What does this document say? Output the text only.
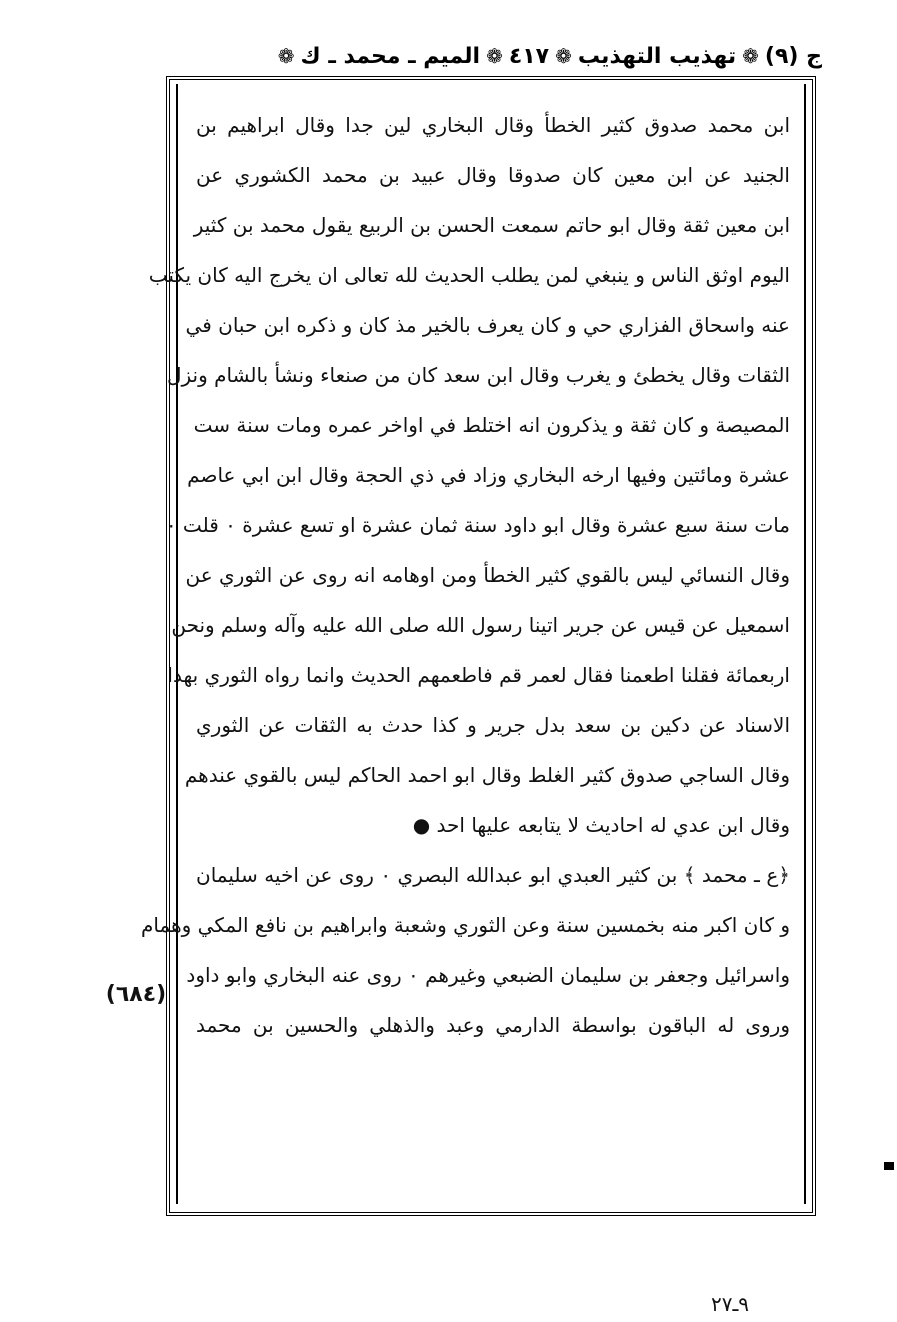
ج (٩)
❁
تهذيب التهذيب
❁
٤١٧
❁
الميم ـ محمد ـ ك
❁
ابن محمد صدوق كثير الخطأ وقال البخاري لين جدا وقال ابراهيم بن
الجنيد عن ابن معين كان صدوقا وقال عبيد بن محمد الكشوري عن
ابن معين ثقة وقال ابو حاتم سمعت الحسن بن الربيع يقول محمد بن كثير
اليوم اوثق الناس و ينبغي لمن يطلب الحديث لله تعالى ان يخرج اليه كان يكتب
عنه واسحاق الفزاري حي و كان يعرف بالخير مذ كان و ذكره ابن حبان في
الثقات وقال يخطئ و يغرب وقال ابن سعد كان من صنعاء ونشأ بالشام ونزل
المصيصة و كان ثقة و يذكرون انه اختلط في اواخر عمره ومات سنة ست
عشرة ومائتين وفيها ارخه البخاري وزاد في ذي الحجة وقال ابن ابي عاصم
مات سنة سبع عشرة وقال ابو داود سنة ثمان عشرة او تسع عشرة ٠ قلت ٠
وقال النسائي ليس بالقوي كثير الخطأ ومن اوهامه انه روى عن الثوري عن
اسمعيل عن قيس عن جرير اتينا رسول الله صلى الله عليه وآله وسلم ونحن
اربعمائة فقلنا اطعمنا فقال لعمر قم فاطعمهم الحديث وانما رواه الثوري بهذا
الاسناد عن دكين بن سعد بدل جرير و كذا حدث به الثقات عن الثوري
وقال الساجي صدوق كثير الغلط وقال ابو احمد الحاكم ليس بالقوي عندهم
وقال ابن عدي له احاديث لا يتابعه عليها احد ●
﴿ع ـ محمد ﴾ بن كثير العبدي ابو عبدالله البصري ٠ روى عن اخيه سليمان
و كان اكبر منه بخمسين سنة وعن الثوري وشعبة وابراهيم بن نافع المكي وهمام
واسرائيل وجعفر بن سليمان الضبعي وغيرهم ٠ روى عنه البخاري وابو داود
وروى له الباقون بواسطة الدارمي وعبد والذهلي والحسين بن محمد
(٦٨٤)
٩ـ٢٧
